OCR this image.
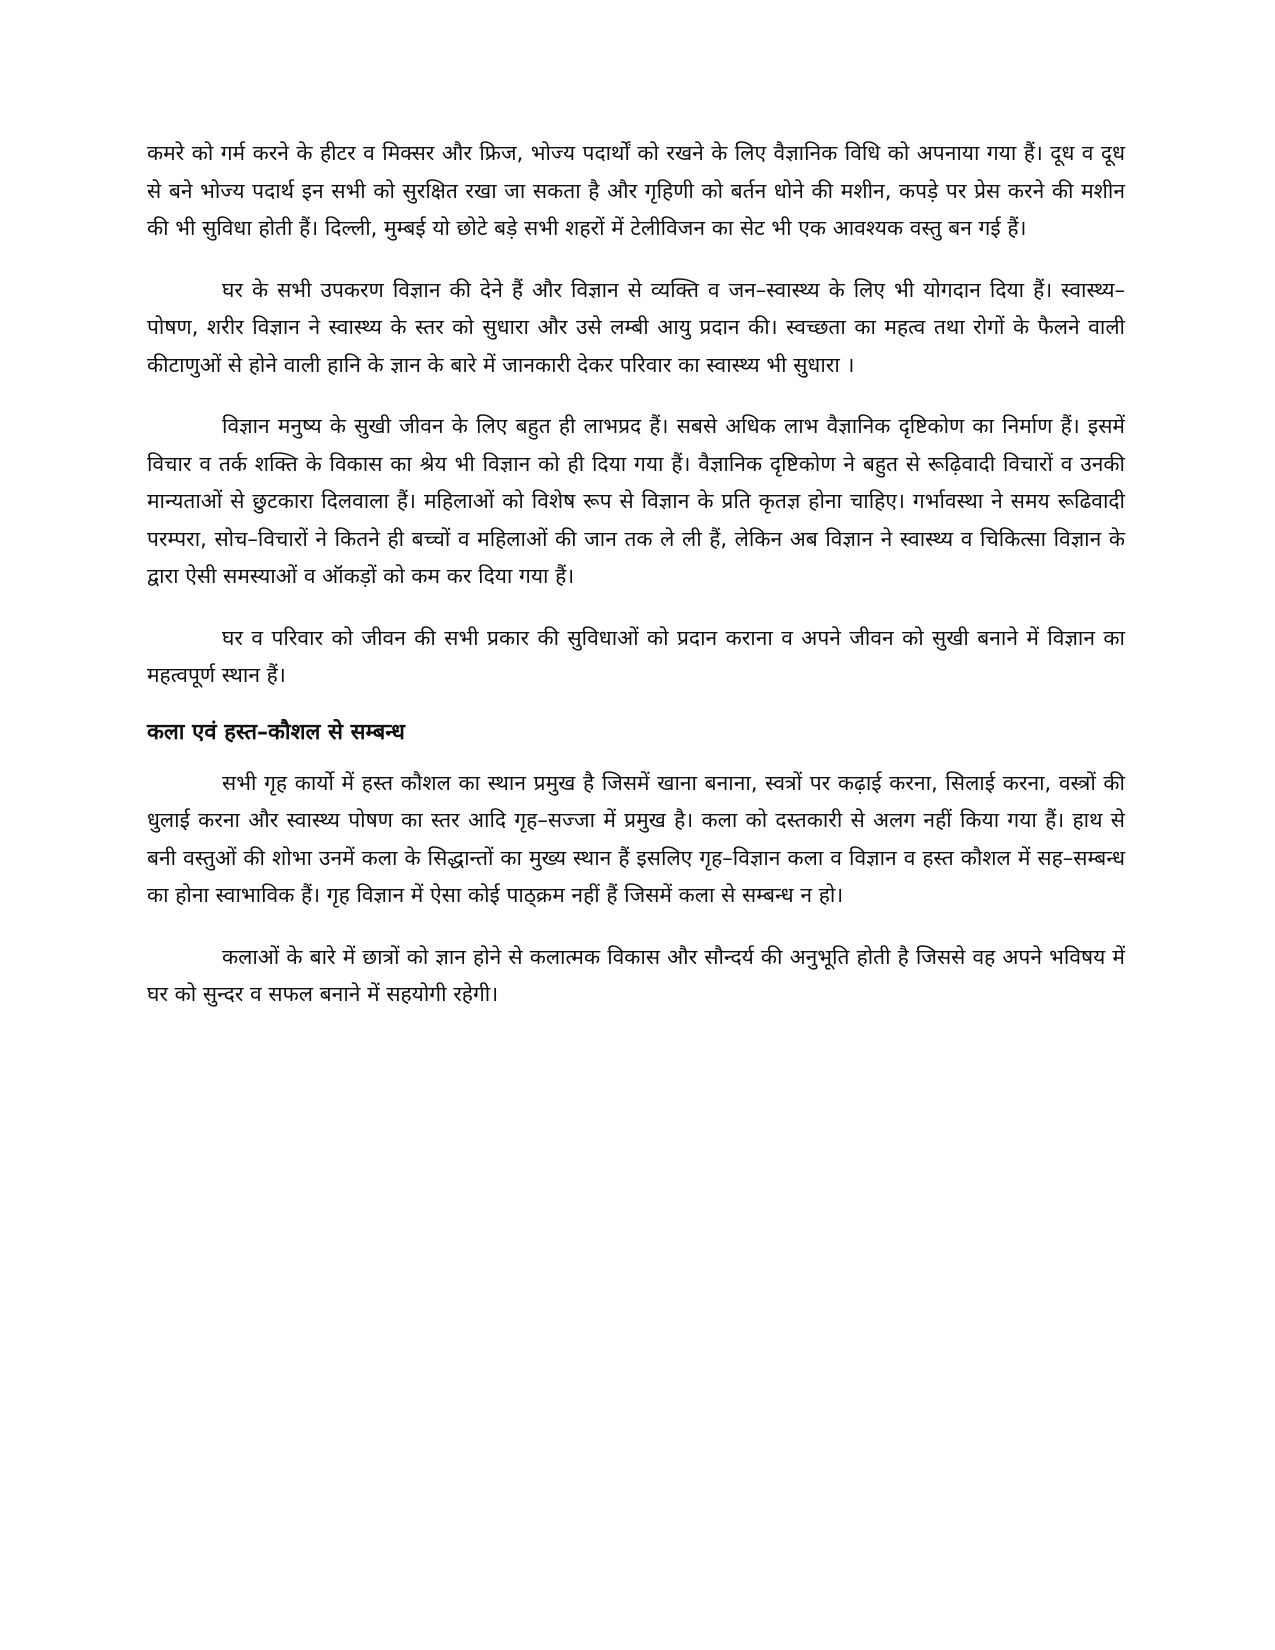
कमरे को गर्म करने के हीटर व मिक्सर और फ्रिज, भोज्य पदार्थों को रखने के लिए वैज्ञानिक विधि को अपनाया गया हैं। दूध व दूध से बने भोज्य पदार्थ इन सभी को सुरक्षित रखा जा सकता है और गृहिणी को बर्तन धोने की मशीन, कपड़े पर प्रेस करने की मशीन की भी सुविधा होती हैं। दिल्ली, मुम्बई यो छोटे बड़े सभी शहरों में टेलीविजन का सेट भी एक आवश्यक वस्तु बन गई हैं।

घर के सभी उपकरण विज्ञान की देने हैं और विज्ञान से व्यक्ति व जन–स्वास्थ्य के लिए भी योगदान दिया हैं। स्वास्थ्य–पोषण, शरीर विज्ञान ने स्वास्थ्य के स्तर को सुधारा और उसे लम्बी आयु प्रदान की। स्वच्छता का महत्व तथा रोगों के फैलने वाली कीटाणुओं से होने वाली हानि के ज्ञान के बारे में जानकारी देकर परिवार का स्वास्थ्य भी सुधारा ।

विज्ञान मनुष्य के सुखी जीवन के लिए बहुत ही लाभप्रद हैं। सबसे अधिक लाभ वैज्ञानिक दृष्टिकोण का निर्माण हैं। इसमें विचार व तर्क शक्ति के विकास का श्रेय भी विज्ञान को ही दिया गया हैं। वैज्ञानिक दृष्टिकोण ने बहुत से रूढ़िवादी विचारों व उनकी मान्यताओं से छुटकारा दिलवाला हैं। महिलाओं को विशेष रूप से विज्ञान के प्रति कृतज्ञ होना चाहिए। गर्भावस्था ने समय रूढिवादी परम्परा, सोच–विचारों ने कितने ही बच्चों व महिलाओं की जान तक ले ली हैं, लेकिन अब विज्ञान ने स्वास्थ्य व चिकित्सा विज्ञान के द्वारा ऐसी समस्याओं व ऑकड़ों को कम कर दिया गया हैं।

घर व परिवार को जीवन की सभी प्रकार की सुविधाओं को प्रदान कराना व अपने जीवन को सुखी बनाने में विज्ञान का महत्वपूर्ण स्थान हैं।

कला एवं हस्त–कौशल से सम्बन्ध

सभी गृह कार्यो में हस्त कौशल का स्थान प्रमुख है जिसमें खाना बनाना, स्वत्रों पर कढ़ाई करना, सिलाई करना, वस्त्रों की धुलाई करना और स्वास्थ्य पोषण का स्तर आदि गृह–सज्जा में प्रमुख है। कला को दस्तकारी से अलग नहीं किया गया हैं। हाथ से बनी वस्तुओं की शोभा उनमें कला के सिद्धान्तों का मुख्य स्थान हैं इसलिए गृह–विज्ञान कला व विज्ञान व हस्त कौशल में सह–सम्बन्ध का होना स्वाभाविक हैं। गृह विज्ञान में ऐसा कोई पाठ्क्रम नहीं हैं जिसमें कला से सम्बन्ध न हो।

कलाओं के बारे में छात्रों को ज्ञान होने से कलात्मक विकास और सौन्दर्य की अनुभूति होती है जिससे वह अपने भविषय में घर को सुन्दर व सफल बनाने में सहयोगी रहेगी।
